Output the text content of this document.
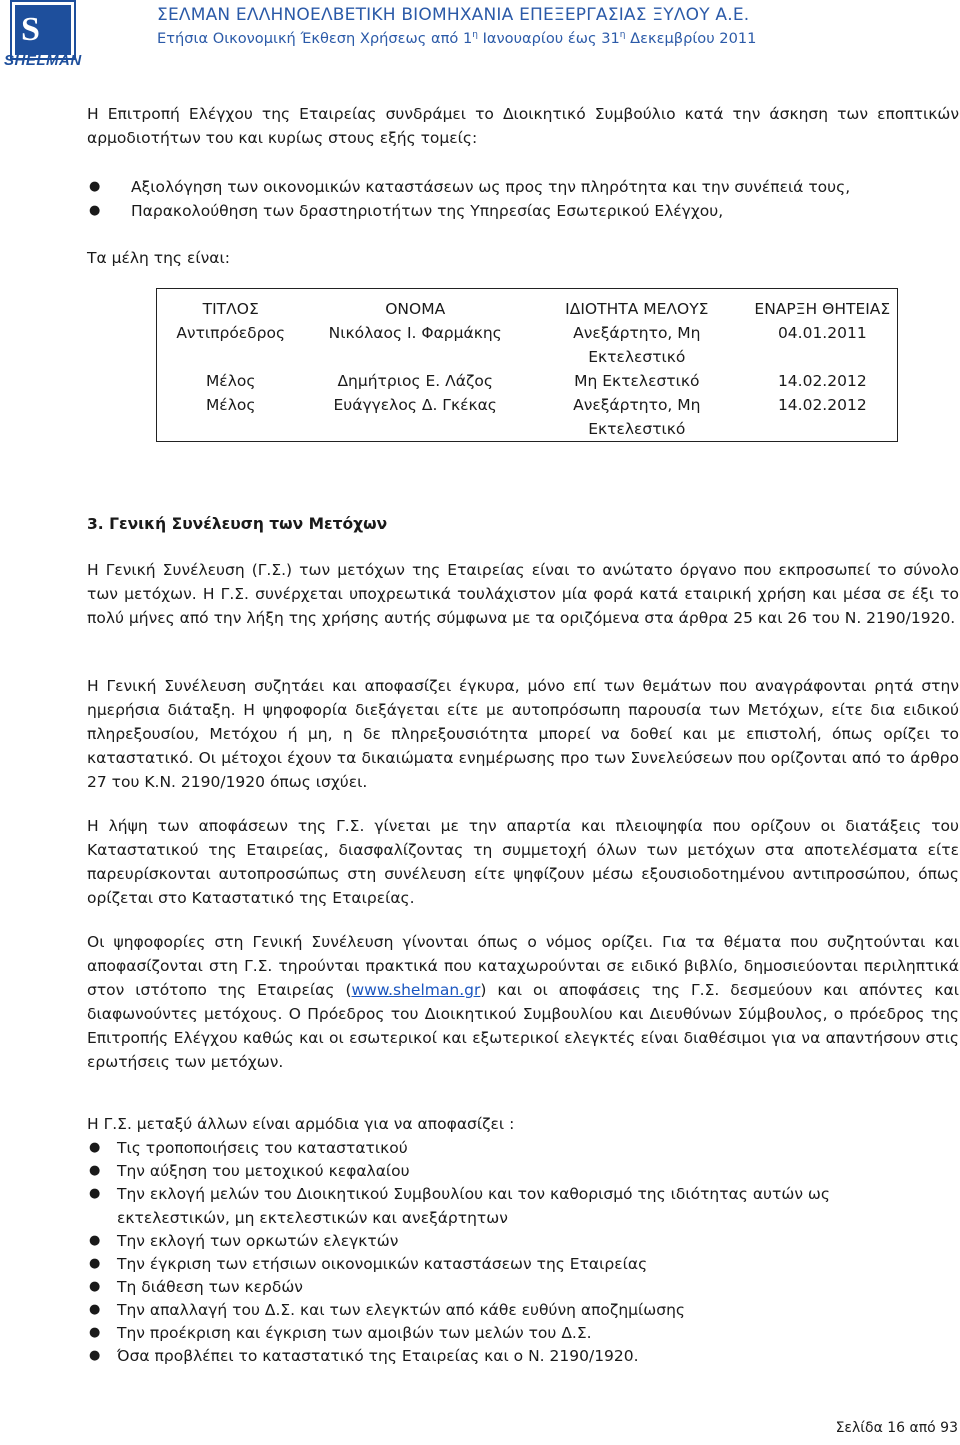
S
SHELMAN
ΣΕΛΜΑΝ ΕΛΛΗΝΟΕΛΒΕΤΙΚΗ ΒΙΟΜΗΧΑΝΙΑ ΕΠΕΞΕΡΓΑΣΙΑΣ ΞΥΛΟΥ Α.Ε.
Ετήσια Οικονομική Έκθεση Χρήσεως από $1^\eta$ Ιανουαρίου έως $31^\eta$ Δεκεμβρίου 2011
Η Επιτροπή Ελέγχου της Εταιρείας συνδράμει το Διοικητικό Συμβούλιο κατά την άσκηση των εποπτικών αρμοδιοτήτων του και κυρίως στους εξής τομείς:
● Αξιολόγηση των οικονομικών καταστάσεων ως προς την πληρότητα και την συνέπειά τους,
● Παρακολούθηση των δραστηριοτήτων της Υπηρεσίας Εσωτερικού Ελέγχου,
Τα μέλη της είναι:
ΤΙΤΛΟΣ	ΟΝΟΜΑ	ΙΔΙΟΤΗΤΑ ΜΕΛΟΥΣ	ΕΝΑΡΞΗ ΘΗΤΕΙΑΣ
Αντιπρόεδρος	Νικόλαος Ι. Φαρμάκης	Ανεξάρτητο, Μη Εκτελεστικό	04.01.2011
Μέλος	Δημήτριος Ε. Λάζος	Μη Εκτελεστικό	14.02.2012
Μέλος	Ευάγγελος Δ. Γκέκας	Ανεξάρτητο, Μη Εκτελεστικό	14.02.2012
3. Γενική Συνέλευση των Μετόχων
Η Γενική Συνέλευση (Γ.Σ.) των μετόχων της Εταιρείας είναι το ανώτατο όργανο που εκπροσωπεί το σύνολο των μετόχων. Η Γ.Σ. συνέρχεται υποχρεωτικά τουλάχιστον μία φορά κατά εταιρική χρήση και μέσα σε έξι το πολύ μήνες από την λήξη της χρήσης αυτής σύμφωνα με τα οριζόμενα στα άρθρα 25 και 26 του Ν. 2190/1920.
Η Γενική Συνέλευση συζητάει και αποφασίζει έγκυρα, μόνο επί των θεμάτων που αναγράφονται ρητά στην ημερήσια διάταξη. Η ψηφοφορία διεξάγεται είτε με αυτοπρόσωπη παρουσία των Μετόχων, είτε δια ειδικού πληρεξουσίου, Μετόχου ή μη, η δε πληρεξουσιότητα μπορεί να δοθεί και με επιστολή, όπως ορίζει το καταστατικό. Οι μέτοχοι έχουν τα δικαιώματα ενημέρωσης προ των Συνελεύσεων που ορίζονται από το άρθρο 27 του Κ.Ν. 2190/1920 όπως ισχύει.
Η λήψη των αποφάσεων της Γ.Σ. γίνεται με την απαρτία και πλειοψηφία που ορίζουν οι διατάξεις του Καταστατικού της Εταιρείας, διασφαλίζοντας τη συμμετοχή όλων των μετόχων στα αποτελέσματα είτε παρευρίσκονται αυτοπροσώπως στη συνέλευση είτε ψηφίζουν μέσω εξουσιοδοτημένου αντιπροσώπου, όπως ορίζεται στο Καταστατικό της Εταιρείας.
Οι ψηφοφορίες στη Γενική Συνέλευση γίνονται όπως ο νόμος ορίζει. Για τα θέματα που συζητούνται και αποφασίζονται στη Γ.Σ. τηρούνται πρακτικά που καταχωρούνται σε ειδικό βιβλίο, δημοσιεύονται περιληπτικά στον ιστότοπο της Εταιρείας (www.shelman.gr) και οι αποφάσεις της Γ.Σ. δεσμεύουν και απόντες και διαφωνούντες μετόχους. Ο Πρόεδρος του Διοικητικού Συμβουλίου και Διευθύνων Σύμβουλος, ο πρόεδρος της Επιτροπής Ελέγχου καθώς και οι εσωτερικοί και εξωτερικοί ελεγκτές είναι διαθέσιμοι για να απαντήσουν στις ερωτήσεις των μετόχων.
Η Γ.Σ. μεταξύ άλλων είναι αρμόδια για να αποφασίζει :
● Τις τροποποιήσεις του καταστατικού
● Την αύξηση του μετοχικού κεφαλαίου
● Την εκλογή μελών του Διοικητικού Συμβουλίου και τον καθορισμό της ιδιότητας αυτών ως
εκτελεστικών, μη εκτελεστικών και ανεξάρτητων
● Την εκλογή των ορκωτών ελεγκτών
● Την έγκριση των ετήσιων οικονομικών καταστάσεων της Εταιρείας
● Τη διάθεση των κερδών
● Την απαλλαγή του Δ.Σ. και των ελεγκτών από κάθε ευθύνη αποζημίωσης
● Την προέκριση και έγκριση των αμοιβών των μελών του Δ.Σ.
● Όσα προβλέπει το καταστατικό της Εταιρείας και ο Ν. 2190/1920.
Σελίδα 16 από 93
